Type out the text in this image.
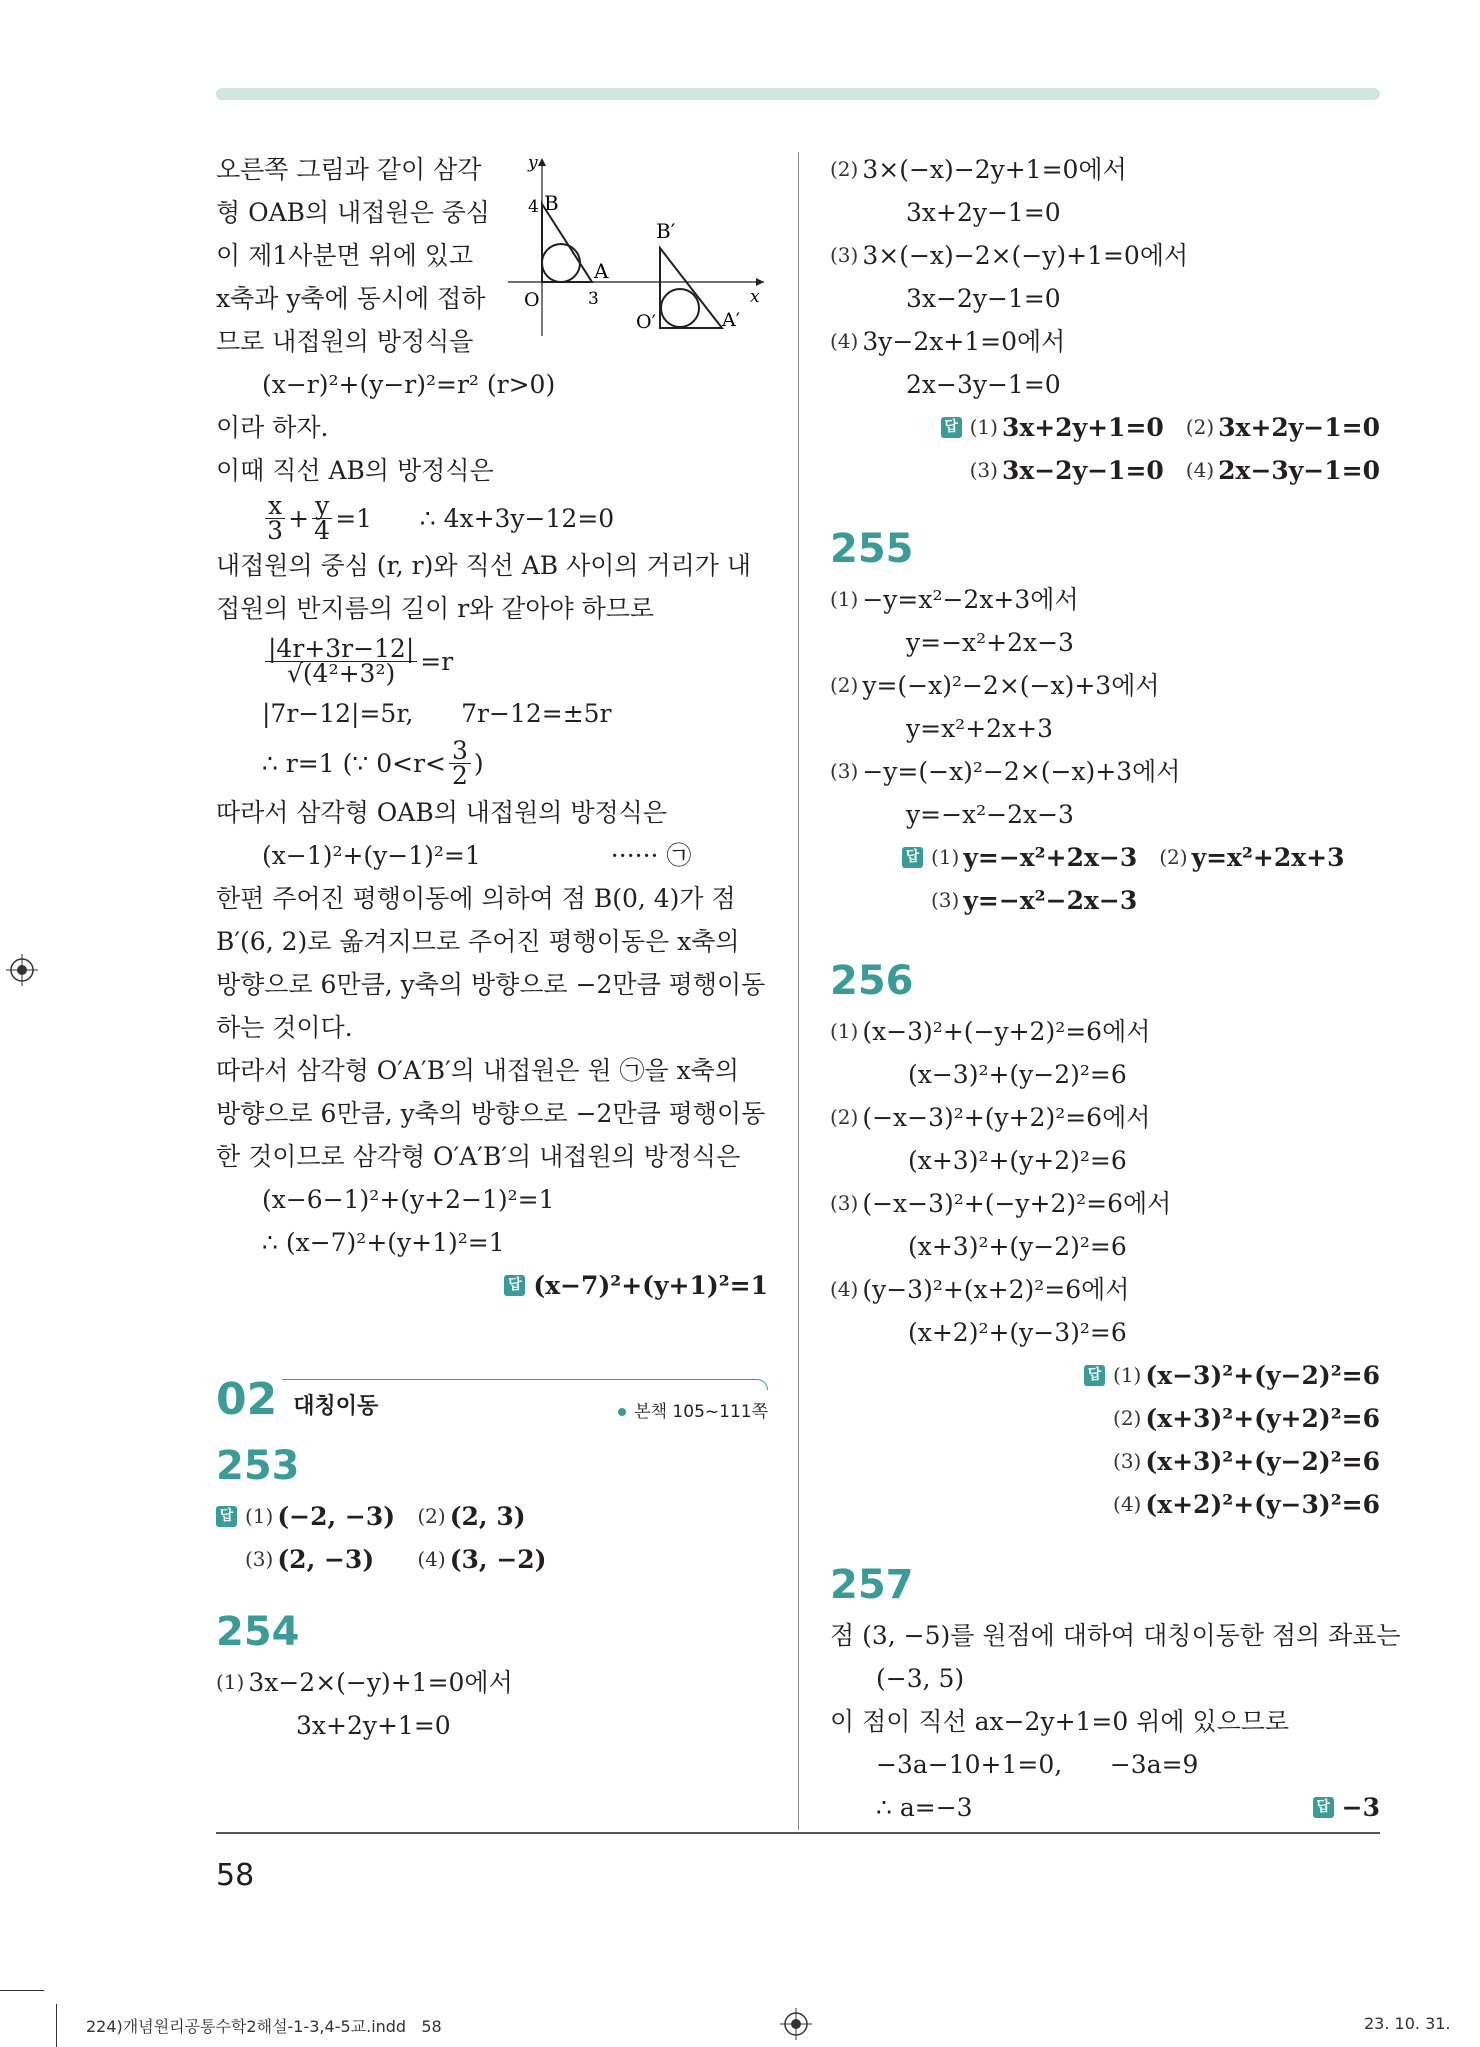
y
x
O
B
4
A
3
B′
O′	A′
오른쪽 그림과 같이 삼각
형 OAB의 내접원은 중심
이 제1사분면 위에 있고
x축과 y축에 동시에 접하
므로 내접원의 방정식을
(x−r)²+(y−r)²=r² (r>0)
이라 하자.
이때 직선 AB의 방정식은
$\frac{x}{3} + \frac{y}{4} =1$      ∴ 4x+3y−12=0
내접원의 중심 (r, r)와 직선 AB 사이의 거리가 내접원의 반지름의 길이 r와 같아야 하므로
$\frac{|4r+3r-12|}{\text{√(4²+3²)}} =r$
|7r−12|=5r,      7r−12=±5r
∴ r=1
(∵ $0<r< \frac{3}{2}$ )
따라서 삼각형 OAB의 내접원의 방정식은
(x−1)²+(y−1)²=1	······ ㉠
한편 주어진 평행이동에 의하여 점 B(0, 4)가 점 B′(6, 2)로 옮겨지므로 주어진 평행이동은 x축의 방향으로 6만큼, y축의 방향으로 −2만큼 평행이동하는 것이다.
따라서 삼각형 O′A′B′의 내접원은 원 ㉠을 x축의 방향으로 6만큼, y축의 방향으로 −2만큼 평행이동한 것이므로 삼각형 O′A′B′의 내접원의 방정식은
(x−6−1)²+(y+2−1)²=1
∴ (x−7)²+(y+1)²=1
답 (x−7)²+(y+1)²=1
02 대칭이동	본책 105~111쪽
253
답 (1) (−2, −3)	(2) (2, 3)
(3) (2, −3)	(4) (3, −2)
254
(1) 3x−2×(−y)+1=0에서
3x+2y+1=0
(2) 3×(−x)−2y+1=0에서
3x+2y−1=0
(3) 3×(−x)−2×(−y)+1=0에서
3x−2y−1=0
(4) 3y−2x+1=0에서
2x−3y−1=0
답 (1) 3x+2y+1=0 (2) 3x+2y−1=0
(3) 3x−2y−1=0 (4) 2x−3y−1=0
255
(1) −y=x²−2x+3에서
y=−x²+2x−3
(2) y=(−x)²−2×(−x)+3에서
y=x²+2x+3
(3) −y=(−x)²−2×(−x)+3에서
y=−x²−2x−3
답 (1) y=−x²+2x−3 (2) y=x²+2x+3
(3) y=−x²−2x−3
256
(1) (x−3)²+(−y+2)²=6에서
(x−3)²+(y−2)²=6
(2) (−x−3)²+(y+2)²=6에서
(x+3)²+(y+2)²=6
(3) (−x−3)²+(−y+2)²=6에서
(x+3)²+(y−2)²=6
(4) (y−3)²+(x+2)²=6에서
(x+2)²+(y−3)²=6
답 (1) (x−3)²+(y−2)²=6
(2) (x+3)²+(y+2)²=6
(3) (x+3)²+(y−2)²=6
(4) (x+2)²+(y−3)²=6
257
점 (3, −5)를 원점에 대하여 대칭이동한 점의 좌표는
(−3, 5)
이 점이 직선 ax−2y+1=0 위에 있으므로
−3a−10+1=0,      −3a=9
∴ a=−3	답 −3
58
224)개념원리공통수학2해설-1-3,4-5교.indd   58	23. 10. 31.
